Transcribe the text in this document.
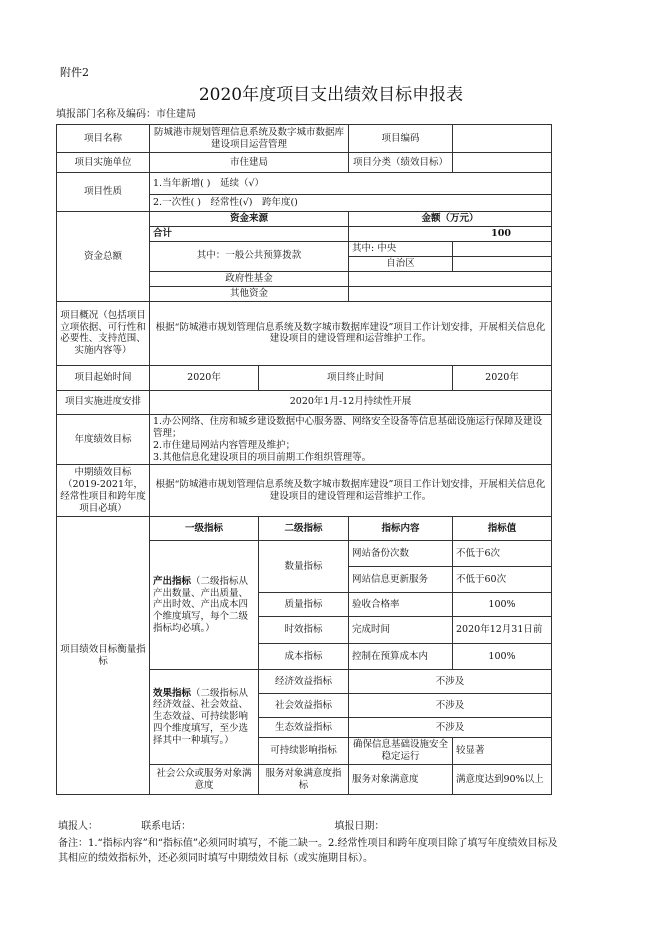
附件2
2020年度项目支出绩效目标申报表
填报部门名称及编码：市住建局
项目名称	防城港市规划管理信息系统及数字城市数据库建设项目运营管理		项目编码	
项目实施单位	市住建局		项目分类（绩效目标）	
项目性质	1.当年新增( )　延续（√）			
	2.一次性( )　经常性(√)　跨年度()			
资金总额	资金来源		金额（万元）	
	合计		100	
	其中：一般公共预算拨款		其中: 中央	
			自治区	
	政府性基金			
	其他资金			
项目概况（包括项目立项依据、可行性和必要性、支持范围、实施内容等）	根据“防城港市规划管理信息系统及数字城市数据库建设”项目工作计划安排，开展相关信息化建设项目的建设管理和运营维护工作。			
项目起始时间	2020年	项目终止时间		2020年
项目实施进度安排	2020年1月-12月持续性开展			
年度绩效目标	1.办公网络、住房和城乡建设数据中心服务器、网络安全设备等信息基础设施运行保障及建设管理；
2.市住建局网站内容管理及维护；
3.其他信息化建设项目的项目前期工作组织管理等。			

中期绩效目标（2019-2021年，经常性项目和跨年度项目必填）	根据“防城港市规划管理信息系统及数字城市数据库建设”项目工作计划安排，开展相关信息化建设项目的建设管理和运营维护工作。			
项目绩效目标衡量指标	一级指标	二级指标	指标内容	指标值
	产出指标（二级指标从产出数量、产出质量、产出时效、产出成本四个维度填写，每个二级指标均必填。）	数量指标	网站备份次数	不低于6次
			网站信息更新服务	不低于60次
		质量指标	验收合格率	100%
		时效指标	完成时间	2020年12月31日前
		成本指标	控制在预算成本内	100%
	效果指标（二级指标从经济效益、社会效益、生态效益、可持续影响四个维度填写，至少选择其中一种填写。）	经济效益指标	不涉及	
		社会效益指标	不涉及	
		生态效益指标	不涉及	
		可持续影响指标	确保信息基础设施安全稳定运行	较显著
	社会公众或服务对象满意度	服务对象满意度指标	服务对象满意度	满意度达到90%以上
填报人：	联系电话：	填报日期：
备注：1.“指标内容”和“指标值”必须同时填写，不能二缺一。2.经常性项目和跨年度项目除了填写年度绩效目标及其相应的绩效指标外，还必须同时填写中期绩效目标（或实施期目标）。
